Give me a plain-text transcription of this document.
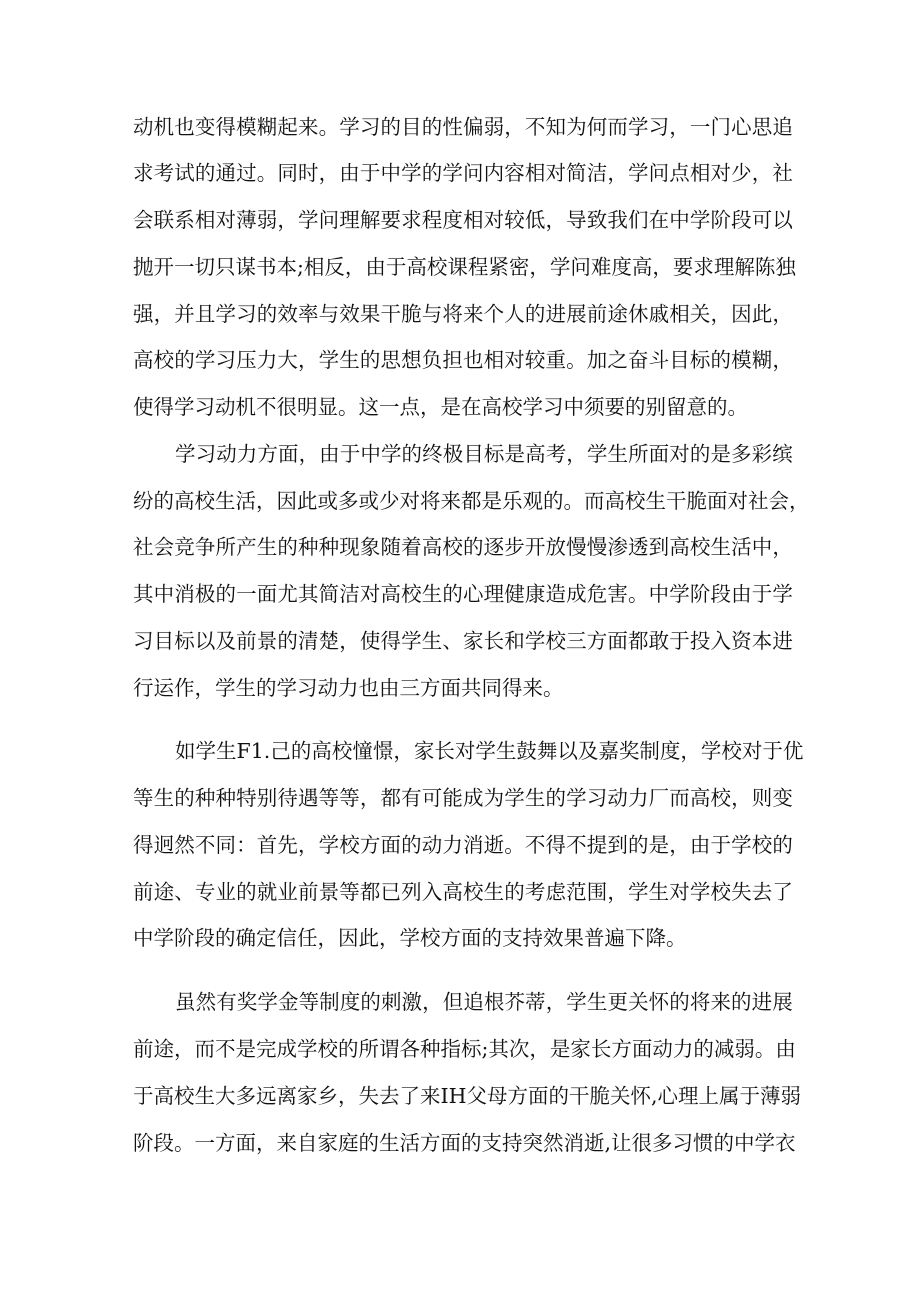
动 机 也 变 得 模 糊 起 来 。 学 习 的 目 的 性 偏 弱 ， 不 知 为 何 而 学 习 ， 一 门 心 思 追
求 考 试 的 通 过 。 同 时 ， 由 于 中 学 的 学 问 内 容 相 对 简 洁 ， 学 问 点 相 对 少 ， 社
会 联 系 相 对 薄 弱 ， 学 问 理 解 要 求 程 度 相 对 较 低 ， 导 致 我 们 在 中 学 阶 段 可 以
抛 开 一 切 只 谋 书 本 ; 相 反 ， 由 于 高 校 课 程 紧 密 ， 学 问 难 度 高 ， 要 求 理 解 陈 独
强 ， 并 且 学 习 的 效 率 与 效 果 干 脆 与 将 来 个 人 的 进 展 前 途 休 戚 相 关 ， 因 此 ，
高 校 的 学 习 压 力 大 ， 学 生 的 思 想 负 担 也 相 对 较 重 。 加 之 奋 斗 目 标 的 模 糊 ，
使得学习动机不很明显。这一点，是在高校学习中须要的别留意的。
学 习 动 力 方 面 ， 由 于 中 学 的 终 极 目 标 是 高 考 ， 学 生 所 面 对 的 是 多 彩 缤
纷 的 高 校 生 活 ， 因 此 或 多 或 少 对 将 来 都 是 乐 观 的 。 而 高 校 生 干 脆 面 对 社 会 ，
社 会 竞 争 所 产 生 的 种 种 现 象 随 着 高 校 的 逐 步 开 放 慢 慢 渗 透 到 高 校 生 活 中 ，
其 中 消 极 的 一 面 尤 其 简 洁 对 高 校 生 的 心 理 健 康 造 成 危 害 。 中 学 阶 段 由 于 学
习 目 标 以 及 前 景 的 清 楚 ， 使 得 学 生 、 家 长 和 学 校 三 方 面 都 敢 于 投 入 资 本 进
行运作，学生的学习动力也由三方面共同得来。
如 学 生 F 1 . 己 的 高 校 憧 憬 ， 家 长 对 学 生 鼓 舞 以 及 嘉 奖 制 度 ， 学 校 对 于 优
等 生 的 种 种 特 别 待 遇 等 等 ， 都 有 可 能 成 为 学 生 的 学 习 动 力 厂 而 高 校 ， 则 变
得 迥 然 不 同 ： 首 先 ， 学 校 方 面 的 动 力 消 逝 。 不 得 不 提 到 的 是 ， 由 于 学 校 的
前 途 、 专 业 的 就 业 前 景 等 都 已 列 入 高 校 生 的 考 虑 范 围 ， 学 生 对 学 校 失 去 了
中学阶段的确定信任，因此，学校方面的支持效果普遍下降。
虽 然 有 奖 学 金 等 制 度 的 刺 激 ， 但 追 根 芥 蒂 ， 学 生 更 关 怀 的 将 来 的 进 展
前 途 ， 而 不 是 完 成 学 校 的 所 谓 各 种 指 标 ; 其 次 ， 是 家 长 方 面 动 力 的 减 弱 。 由
于 高 校 生 大 多 远 离 家 乡 ， 失 去 了 来 I H 父 母 方 面 的 干 脆 关 怀 , 心 理 上 属 于 薄 弱
阶 段 。 一 方 面 ， 来 自 家 庭 的 生 活 方 面 的 支 持 突 然 消 逝 , 让 很 多 习 惯 的 中 学 衣
